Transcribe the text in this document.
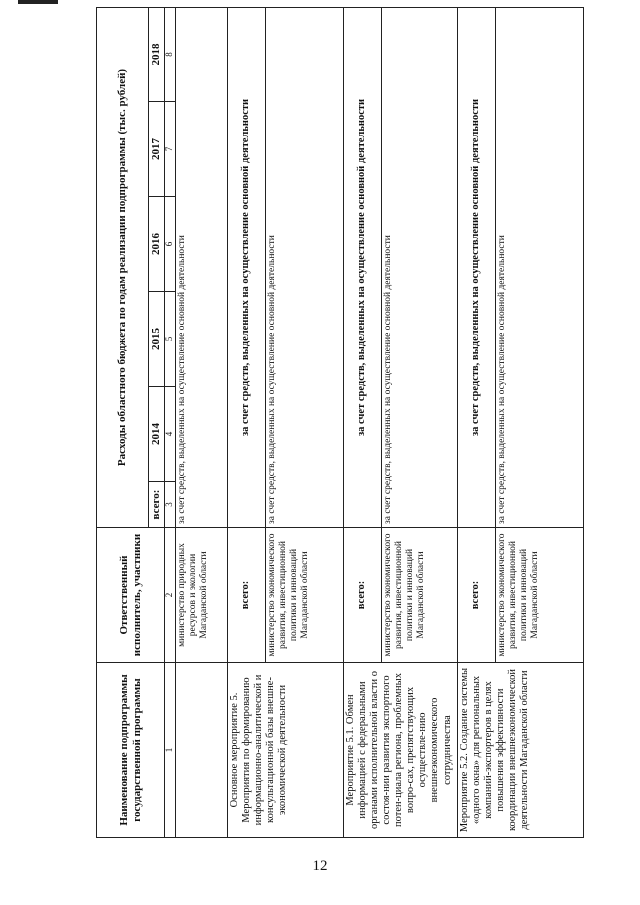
Наименование подпрограммы государственной программы	Ответственный исполнитель, участники	Расходы областного бюджета по годам реализации подпрограммы (тыс. рублей)					
		всего:	2014	2015	2016	2017	2018
1	2	3	4	5	6	7	8
	министерство природных ресурсов и экологии Магаданской области	за счет средств, выделенных на осуществление основной деятельности					
Основное мероприятие 5. Мероприятия по формированию информационно-аналитической и консультационной базы внешне-экономической деятельности	всего:	за счет средств, выделенных на осуществление основной деятельности					
	министерство экономического развития, инвестиционной политики и инноваций Магаданской области	за счет средств, выделенных на осуществление основной деятельности					
Мероприятие 5.1. Обмен информацией с федеральными органами исполнительной власти о состоя-нии развития экспортного потен-циала региона, проблемных вопро-сах, препятствующих осуществле-нию внешнеэкономического сотрудничества	всего:	за счет средств, выделенных на осуществление основной деятельности					
	министерство экономического развития, инвестиционной политики и инноваций Магаданской области	за счет средств, выделенных на осуществление основной деятельности					
Мероприятие 5.2. Создание системы «одного окна» для региональных компаний-экспортеров в целях повышения эффективности координации внешнеэкономической деятельности Магаданской области	всего:	за счет средств, выделенных на осуществление основной деятельности					
	министерство экономического развития, инвестиционной политики и инноваций Магаданской области	за счет средств, выделенных на осуществление основной деятельности					
12
